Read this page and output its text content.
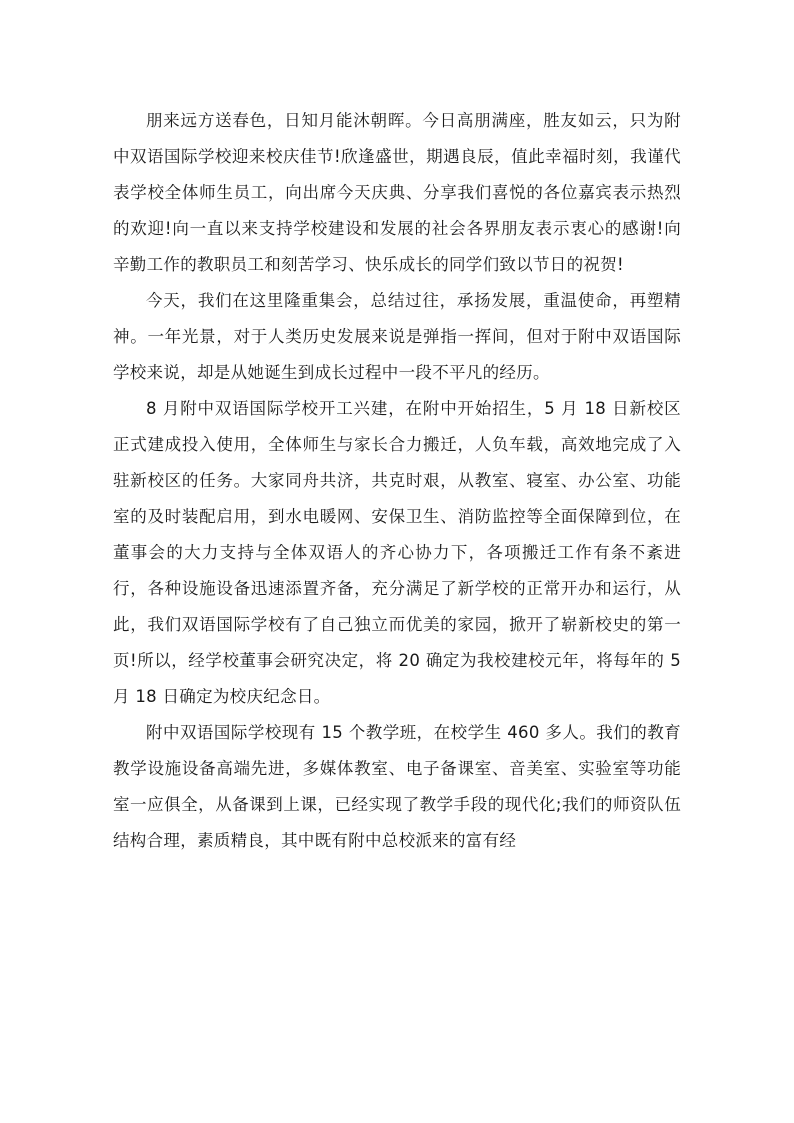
朋来远方送春色，日知月能沐朝晖。今日高朋满座，胜友如云，只为附中双语国际学校迎来校庆佳节!欣逢盛世，期遇良辰，值此幸福时刻，我谨代表学校全体师生员工，向出席今天庆典、分享我们喜悦的各位嘉宾表示热烈的欢迎!向一直以来支持学校建设和发展的社会各界朋友表示衷心的感谢!向辛勤工作的教职员工和刻苦学习、快乐成长的同学们致以节日的祝贺!

今天，我们在这里隆重集会，总结过往，承扬发展，重温使命，再塑精神。一年光景，对于人类历史发展来说是弹指一挥间，但对于附中双语国际学校来说，却是从她诞生到成长过程中一段不平凡的经历。

8 月附中双语国际学校开工兴建，在附中开始招生，5 月 18 日新校区正式建成投入使用，全体师生与家长合力搬迁，人负车载，高效地完成了入驻新校区的任务。大家同舟共济，共克时艰，从教室、寝室、办公室、功能室的及时装配启用，到水电暖网、安保卫生、消防监控等全面保障到位，在董事会的大力支持与全体双语人的齐心协力下，各项搬迁工作有条不紊进行，各种设施设备迅速添置齐备，充分满足了新学校的正常开办和运行，从此，我们双语国际学校有了自己独立而优美的家园，掀开了崭新校史的第一页!所以，经学校董事会研究决定，将 20 确定为我校建校元年，将每年的 5 月 18 日确定为校庆纪念日。

附中双语国际学校现有 15 个教学班，在校学生 460 多人。我们的教育教学设施设备高端先进，多媒体教室、电子备课室、音美室、实验室等功能室一应俱全，从备课到上课，已经实现了教学手段的现代化;我们的师资队伍结构合理，素质精良，其中既有附中总校派来的富有经
